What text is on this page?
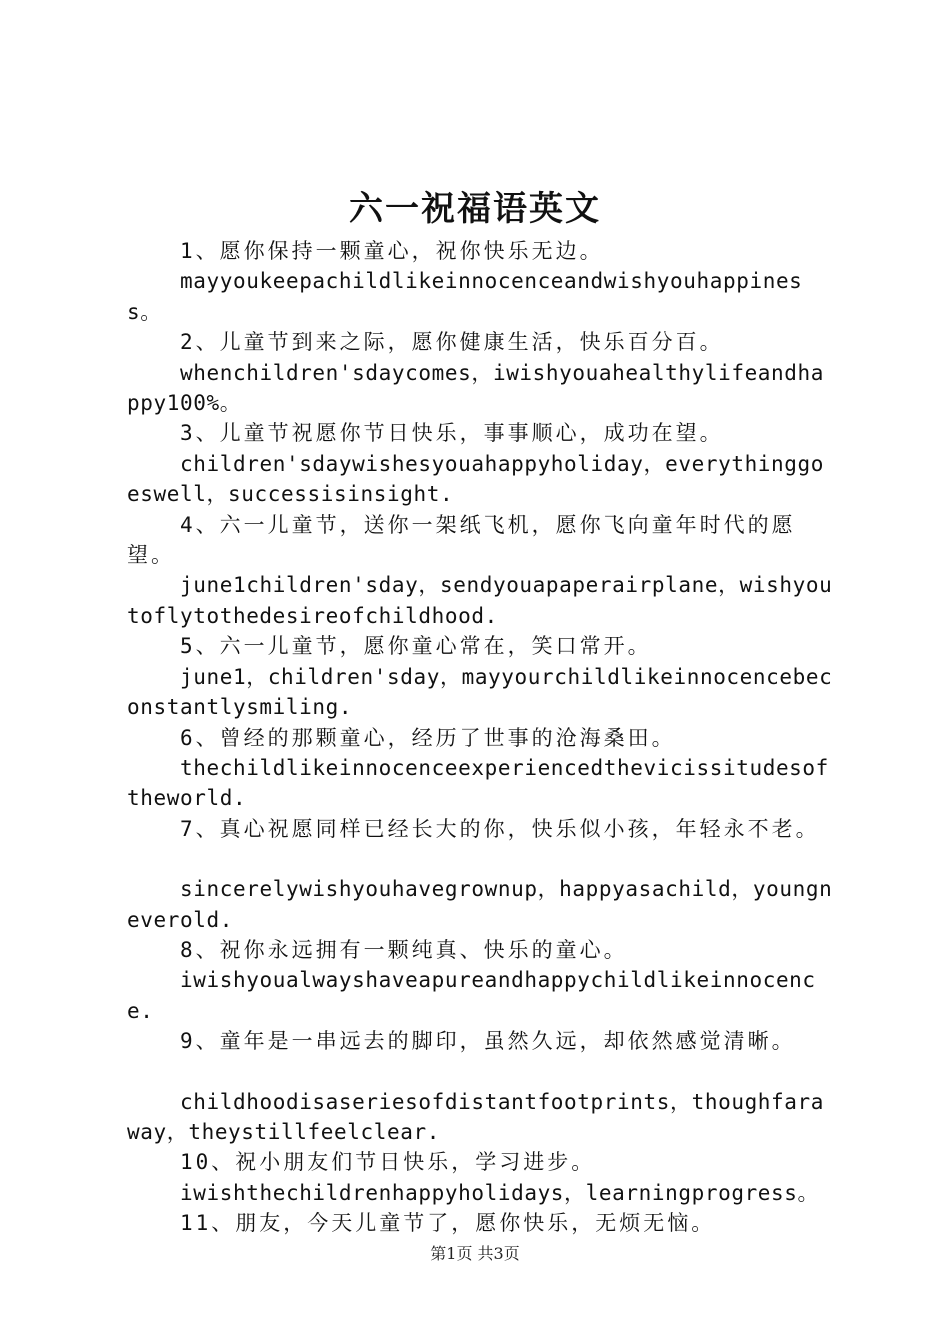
六一祝福语英文

1、愿你保持一颗童心，祝你快乐无边。

mayyoukeepachildlikeinnocenceandwishyouhappiness。

2、儿童节到来之际，愿你健康生活，快乐百分百。

whenchildren'sdaycomes，iwishyouahealthylifeandhappy100%。

3、儿童节祝愿你节日快乐，事事顺心，成功在望。

children'sdaywishesyouahappyholiday，everythinggoeswell，successisinsight.

4、六一儿童节，送你一架纸飞机，愿你飞向童年时代的愿望。

june1children'sday，sendyouapaperairplane，wishyoutoflytothedesireofchildhood.

5、六一儿童节，愿你童心常在，笑口常开。

june1，children'sday，mayyourchildlikeinnocencebeconstantlysmiling.

6、曾经的那颗童心，经历了世事的沧海桑田。

thechildlikeinnocenceexperiencedthevicissitudesoftheworld.

7、真心祝愿同样已经长大的你，快乐似小孩，年轻永不老。

sincerelywishyouhavegrownup，happyasachild，youngneverold.

8、祝你永远拥有一颗纯真、快乐的童心。

iwishyoualwayshaveapureandhappychildlikeinnocence.

9、童年是一串远去的脚印，虽然久远，却依然感觉清晰。

childhoodisaseriesofdistantfootprints，thoughfaraway，theystillfeelclear.

10、祝小朋友们节日快乐，学习进步。

iwishthechildrenhappyholidays，learningprogress。

11、朋友，今天儿童节了，愿你快乐，无烦无恼。

第1页 共3页
